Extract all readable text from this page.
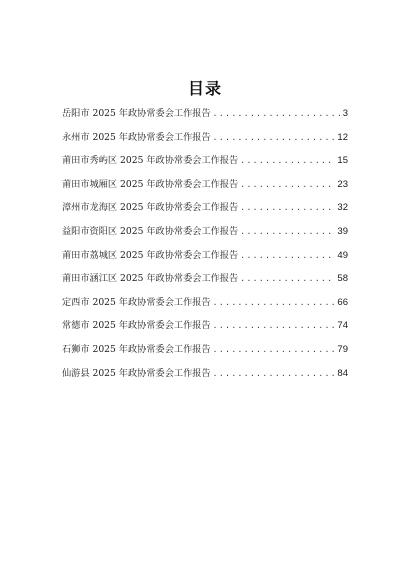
目录
岳阳市 2025 年政协常委会工作报告 .....	3
永州市 2025 年政协常委会工作报告 .....	12
莆田市秀屿区 2025 年政协常委会工作报告 .....	15
莆田市城厢区 2025 年政协常委会工作报告 .....	23
漳州市龙海区 2025 年政协常委会工作报告 .....	32
益阳市资阳区 2025 年政协常委会工作报告 .....	39
莆田市荔城区 2025 年政协常委会工作报告 .....	49
莆田市涵江区 2025 年政协常委会工作报告 .....	58
定西市 2025 年政协常委会工作报告 .....	66
常德市 2025 年政协常委会工作报告 .....	74
石狮市 2025 年政协常委会工作报告 .....	79
仙游县 2025 年政协常委会工作报告 .....	84
